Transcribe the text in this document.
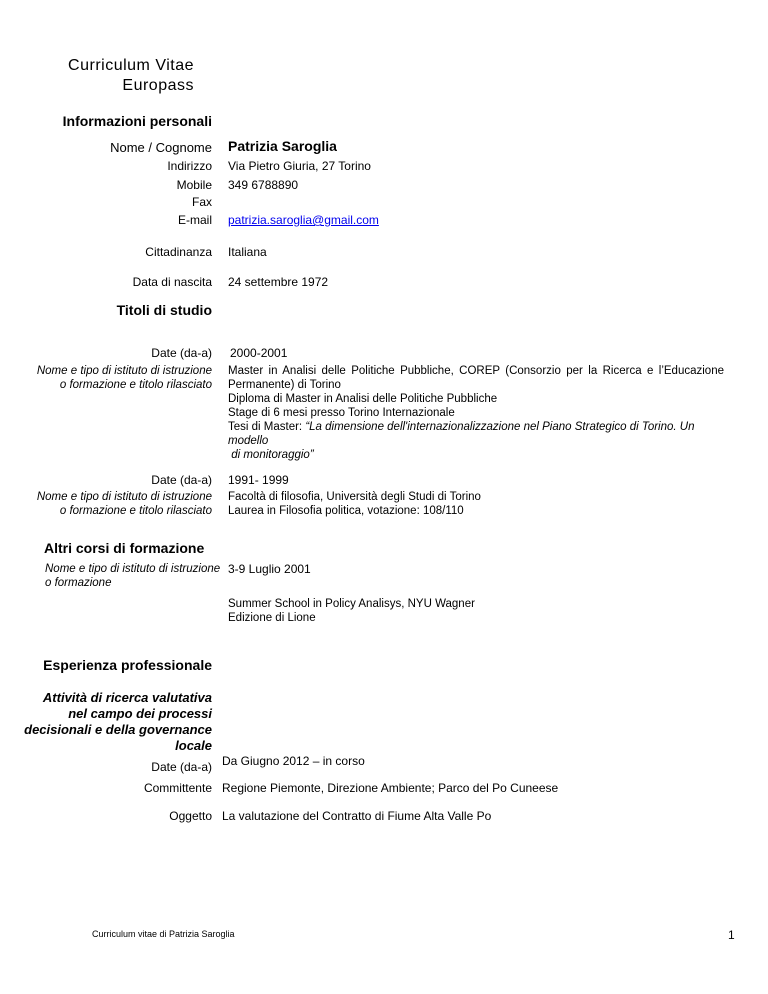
Curriculum Vitae
Europass
Informazioni personali
Nome / Cognome Patrizia Saroglia
Indirizzo Via Pietro Giuria, 27 Torino
Mobile 349 6788890
Fax
E-mail patrizia.saroglia@gmail.com
Cittadinanza Italiana
Data di nascita 24 settembre 1972
Titoli di studio
Date (da-a) 2000-2001
Nome e tipo di istituto di istruzione
o formazione e titolo rilasciato
Master in Analisi delle Politiche Pubbliche, COREP (Consorzio per la Ricerca e l’Educazione
Permanente) di Torino
Diploma di Master in Analisi delle Politiche Pubbliche
Stage di 6 mesi presso Torino Internazionale
Tesi di Master: “La dimensione dell'internazionalizzazione nel Piano Strategico di Torino. Un modello
di monitoraggio”
Date (da-a) 1991- 1999
Nome e tipo di istituto di istruzione
o formazione e titolo rilasciato
Facoltà di filosofia, Università degli Studi di Torino
Laurea in Filosofia politica, votazione: 108/110
Altri corsi di formazione
Nome e tipo di istituto di istruzione
o formazione
3-9 Luglio 2001
Summer School in Policy Analisys, NYU Wagner
Edizione di Lione
Esperienza professionale
Attività di ricerca valutativa
nel campo dei processi
decisionali e della governance
locale
Date (da-a) Da Giugno 2012 – in corso
Committente Regione Piemonte, Direzione Ambiente; Parco del Po Cuneese
Oggetto La valutazione del Contratto di Fiume Alta Valle Po
Curriculum vitae di Patrizia Saroglia	1
